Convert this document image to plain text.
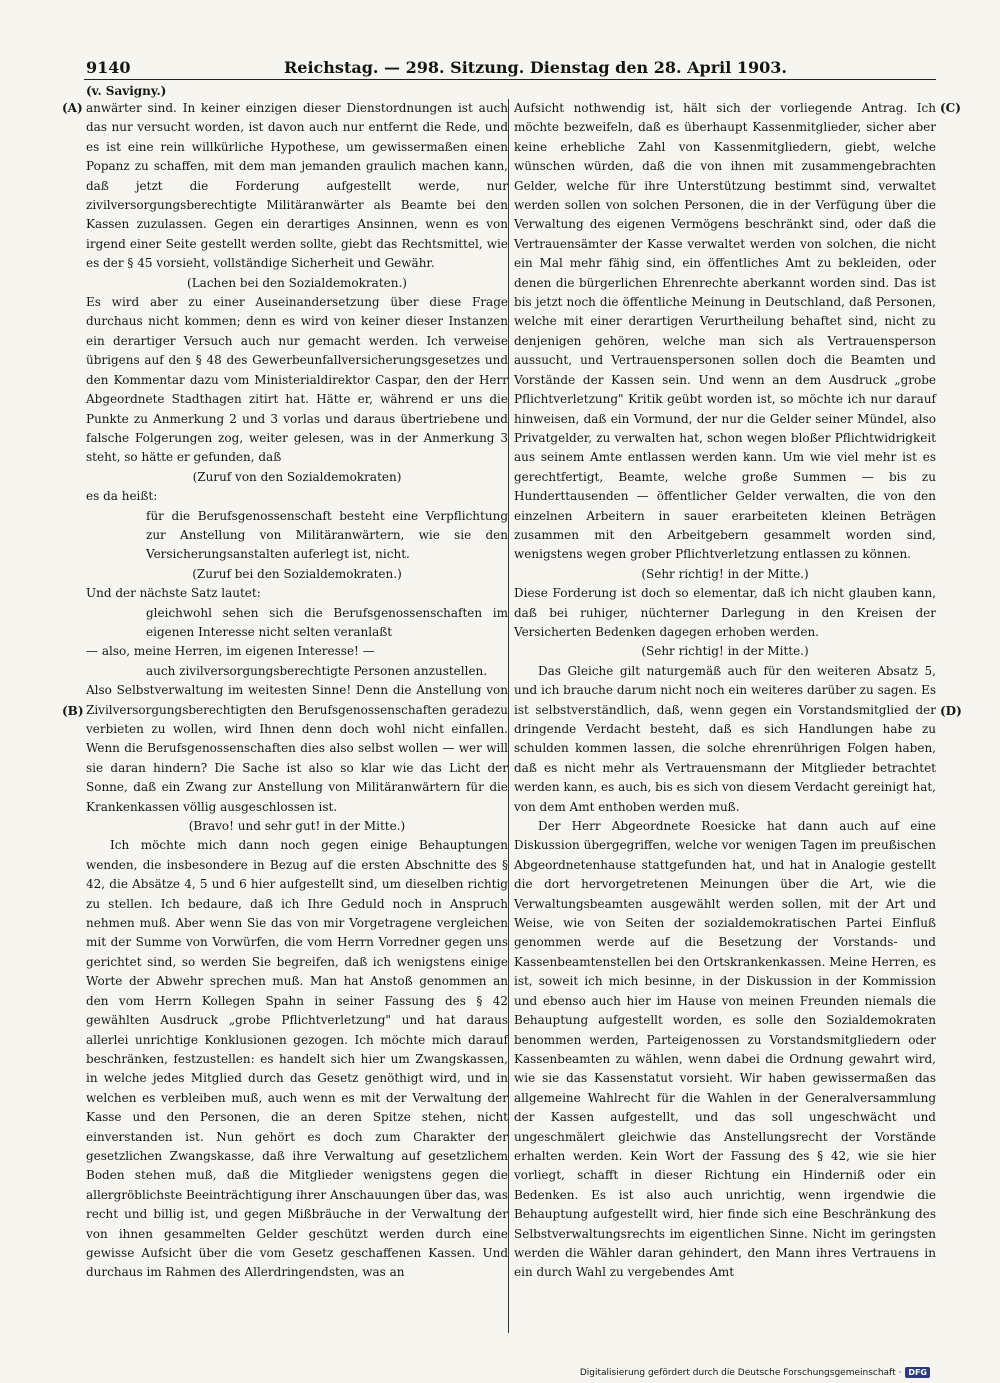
9140	Reichstag. — 298. Sitzung. Dienstag den 28. April 1903.
(v. Savigny.)
(A)
(B)
(C)
(D)

anwärter sind. In keiner einzigen dieser Dienstordnungen ist auch das nur versucht worden, ist davon auch nur entfernt die Rede, und es ist eine rein willkürliche Hypothese, um gewissermaßen einen Popanz zu schaffen, mit dem man jemanden graulich machen kann, daß jetzt die Forderung aufgestellt werde, nur zivilversorgungsberechtigte Militäranwärter als Beamte bei den Kassen zuzulassen. Gegen ein derartiges Ansinnen, wenn es von irgend einer Seite gestellt werden sollte, giebt das Rechtsmittel, wie es der § 45 vorsieht, vollständige Sicherheit und Gewähr.

(Lachen bei den Sozialdemokraten.)

Es wird aber zu einer Auseinandersetzung über diese Frage durchaus nicht kommen; denn es wird von keiner dieser Instanzen ein derartiger Versuch auch nur gemacht werden. Ich verweise übrigens auf den § 48 des Gewerbeunfallversicherungsgesetzes und den Kommentar dazu vom Ministerialdirektor Caspar, den der Herr Abgeordnete Stadthagen zitirt hat. Hätte er, während er uns die Punkte zu Anmerkung 2 und 3 vorlas und daraus übertriebene und falsche Folgerungen zog, weiter gelesen, was in der Anmerkung 3 steht, so hätte er gefunden, daß

(Zuruf von den Sozialdemokraten)

es da heißt:

für die Berufsgenossenschaft besteht eine Verpflichtung zur Anstellung von Militäranwärtern, wie sie den Versicherungsanstalten auferlegt ist, nicht.

(Zuruf bei den Sozialdemokraten.)

Und der nächste Satz lautet:

gleichwohl sehen sich die Berufsgenossenschaften im eigenen Interesse nicht selten veranlaßt

— also, meine Herren, im eigenen Interesse! —

auch zivilversorgungsberechtigte Personen anzustellen.

Also Selbstverwaltung im weitesten Sinne! Denn die Anstellung von Zivilversorgungsberechtigten den Berufsgenossenschaften geradezu verbieten zu wollen, wird Ihnen denn doch wohl nicht einfallen. Wenn die Berufsgenossenschaften dies also selbst wollen — wer will sie daran hindern? Die Sache ist also so klar wie das Licht der Sonne, daß ein Zwang zur Anstellung von Militäranwärtern für die Krankenkassen völlig ausgeschlossen ist.

(Bravo! und sehr gut! in der Mitte.)

Ich möchte mich dann noch gegen einige Behauptungen wenden, die insbesondere in Bezug auf die ersten Abschnitte des § 42, die Absätze 4, 5 und 6 hier aufgestellt sind, um dieselben richtig zu stellen. Ich bedaure, daß ich Ihre Geduld noch in Anspruch nehmen muß. Aber wenn Sie das von mir Vorgetragene vergleichen mit der Summe von Vorwürfen, die vom Herrn Vorredner gegen uns gerichtet sind, so werden Sie begreifen, daß ich wenigstens einige Worte der Abwehr sprechen muß. Man hat Anstoß genommen an den vom Herrn Kollegen Spahn in seiner Fassung des § 42 gewählten Ausdruck „grobe Pflichtverletzung" und hat daraus allerlei unrichtige Konklusionen gezogen. Ich möchte mich darauf beschränken, festzustellen: es handelt sich hier um Zwangskassen, in welche jedes Mitglied durch das Gesetz genöthigt wird, und in welchen es verbleiben muß, auch wenn es mit der Verwaltung der Kasse und den Personen, die an deren Spitze stehen, nicht einverstanden ist. Nun gehört es doch zum Charakter der gesetzlichen Zwangskasse, daß ihre Verwaltung auf gesetzlichem Boden stehen muß, daß die Mitglieder wenigstens gegen die allergröblichste Beeinträchtigung ihrer Anschauungen über das, was recht und billig ist, und gegen Mißbräuche in der Verwaltung der von ihnen gesammelten Gelder geschützt werden durch eine gewisse Aufsicht über die vom Gesetz geschaffenen Kassen. Und durchaus im Rahmen des Allerdringendsten, was an

Aufsicht nothwendig ist, hält sich der vorliegende Antrag. Ich möchte bezweifeln, daß es überhaupt Kassenmitglieder, sicher aber keine erhebliche Zahl von Kassenmitgliedern, giebt, welche wünschen würden, daß die von ihnen mit zusammengebrachten Gelder, welche für ihre Unterstützung bestimmt sind, verwaltet werden sollen von solchen Personen, die in der Verfügung über die Verwaltung des eigenen Vermögens beschränkt sind, oder daß die Vertrauensämter der Kasse verwaltet werden von solchen, die nicht ein Mal mehr fähig sind, ein öffentliches Amt zu bekleiden, oder denen die bürgerlichen Ehrenrechte aberkannt worden sind. Das ist bis jetzt noch die öffentliche Meinung in Deutschland, daß Personen, welche mit einer derartigen Verurtheilung behaftet sind, nicht zu denjenigen gehören, welche man sich als Vertrauensperson aussucht, und Vertrauenspersonen sollen doch die Beamten und Vorstände der Kassen sein. Und wenn an dem Ausdruck „grobe Pflichtverletzung" Kritik geübt worden ist, so möchte ich nur darauf hinweisen, daß ein Vormund, der nur die Gelder seiner Mündel, also Privatgelder, zu verwalten hat, schon wegen bloßer Pflichtwidrigkeit aus seinem Amte entlassen werden kann. Um wie viel mehr ist es gerechtfertigt, Beamte, welche große Summen — bis zu Hunderttausenden — öffentlicher Gelder verwalten, die von den einzelnen Arbeitern in sauer erarbeiteten kleinen Beträgen zusammen mit den Arbeitgebern gesammelt worden sind, wenigstens wegen grober Pflichtverletzung entlassen zu können.

(Sehr richtig! in der Mitte.)

Diese Forderung ist doch so elementar, daß ich nicht glauben kann, daß bei ruhiger, nüchterner Darlegung in den Kreisen der Versicherten Bedenken dagegen erhoben werden.

(Sehr richtig! in der Mitte.)

Das Gleiche gilt naturgemäß auch für den weiteren Absatz 5, und ich brauche darum nicht noch ein weiteres darüber zu sagen. Es ist selbstverständlich, daß, wenn gegen ein Vorstandsmitglied der dringende Verdacht besteht, daß es sich Handlungen habe zu schulden kommen lassen, die solche ehrenrührigen Folgen haben, daß es nicht mehr als Vertrauensmann der Mitglieder betrachtet werden kann, es auch, bis es sich von diesem Verdacht gereinigt hat, von dem Amt enthoben werden muß.

Der Herr Abgeordnete Roesicke hat dann auch auf eine Diskussion übergegriffen, welche vor wenigen Tagen im preußischen Abgeordnetenhause stattgefunden hat, und hat in Analogie gestellt die dort hervorgetretenen Meinungen über die Art, wie die Verwaltungsbeamten ausgewählt werden sollen, mit der Art und Weise, wie von Seiten der sozialdemokratischen Partei Einfluß genommen werde auf die Besetzung der Vorstands- und Kassenbeamtenstellen bei den Ortskrankenkassen. Meine Herren, es ist, soweit ich mich besinne, in der Diskussion in der Kommission und ebenso auch hier im Hause von meinen Freunden niemals die Behauptung aufgestellt worden, es solle den Sozialdemokraten benommen werden, Parteigenossen zu Vorstandsmitgliedern oder Kassenbeamten zu wählen, wenn dabei die Ordnung gewahrt wird, wie sie das Kassenstatut vorsieht. Wir haben gewissermaßen das allgemeine Wahlrecht für die Wahlen in der Generalversammlung der Kassen aufgestellt, und das soll ungeschwächt und ungeschmälert gleichwie das Anstellungsrecht der Vorstände erhalten werden. Kein Wort der Fassung des § 42, wie sie hier vorliegt, schafft in dieser Richtung ein Hinderniß oder ein Bedenken. Es ist also auch unrichtig, wenn irgendwie die Behauptung aufgestellt wird, hier finde sich eine Beschränkung des Selbstverwaltungsrechts im eigentlichen Sinne. Nicht im geringsten werden die Wähler daran gehindert, den Mann ihres Vertrauens in ein durch Wahl zu vergebendes Amt

Digitalisierung gefördert durch die Deutsche Forschungsgemeinschaft · DFG
